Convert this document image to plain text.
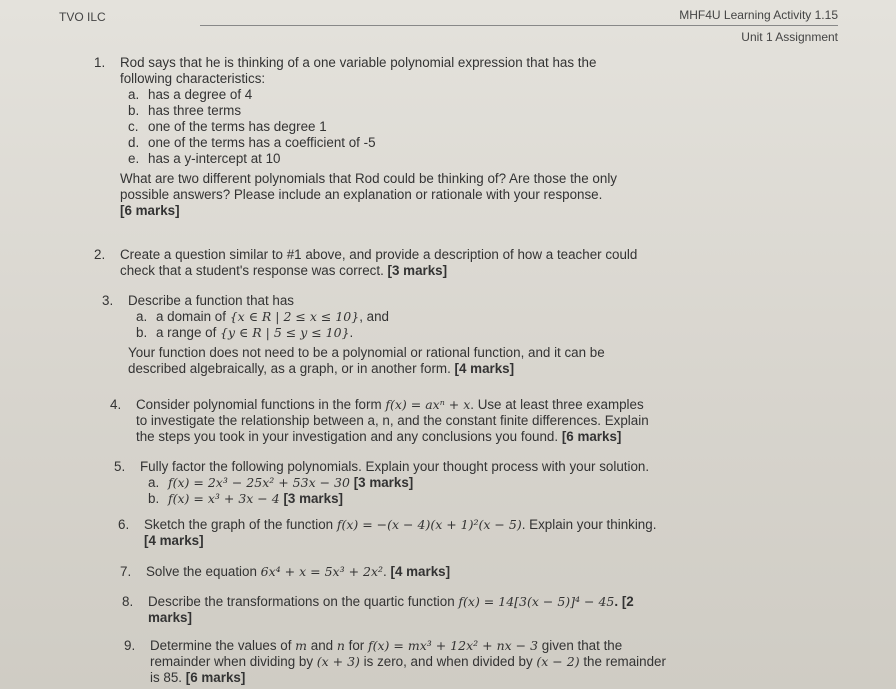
TVO ILC	MHF4U Learning Activity 1.15
Unit 1 Assignment
1. Rod says that he is thinking of a one variable polynomial expression that has the
following characteristics:
a. has a degree of 4
b. has three terms
c. one of the terms has degree 1
d. one of the terms has a coefficient of -5
e. has a y-intercept at 10
What are two different polynomials that Rod could be thinking of? Are those the only
possible answers? Please include an explanation or rationale with your response.
[6 marks]
2. Create a question similar to #1 above, and provide a description of how a teacher could
check that a student's response was correct. [3 marks]
3. Describe a function that has
a. a domain of {x ∈ R | 2 ≤ x ≤ 10}, and
b. a range of {y ∈ R | 5 ≤ y ≤ 10}.
Your function does not need to be a polynomial or rational function, and it can be
described algebraically, as a graph, or in another form. [4 marks]
4. Consider polynomial functions in the form f(x) = axⁿ + x. Use at least three examples
to investigate the relationship between a, n, and the constant finite differences. Explain
the steps you took in your investigation and any conclusions you found. [6 marks]
5. Fully factor the following polynomials. Explain your thought process with your solution.
a. f(x) = 2x³ − 25x² + 53x − 30 [3 marks]
b. f(x) = x³ + 3x − 4 [3 marks]
6. Sketch the graph of the function f(x) = −(x − 4)(x + 1)²(x − 5). Explain your thinking.
[4 marks]
7. Solve the equation 6x⁴ + x = 5x³ + 2x². [4 marks]
8. Describe the transformations on the quartic function f(x) = 14[3(x − 5)]⁴ − 45. [2
marks]
9. Determine the values of m and n for f(x) = mx³ + 12x² + nx − 3 given that the
remainder when dividing by (x + 3) is zero, and when divided by (x − 2) the remainder
is 85. [6 marks]
